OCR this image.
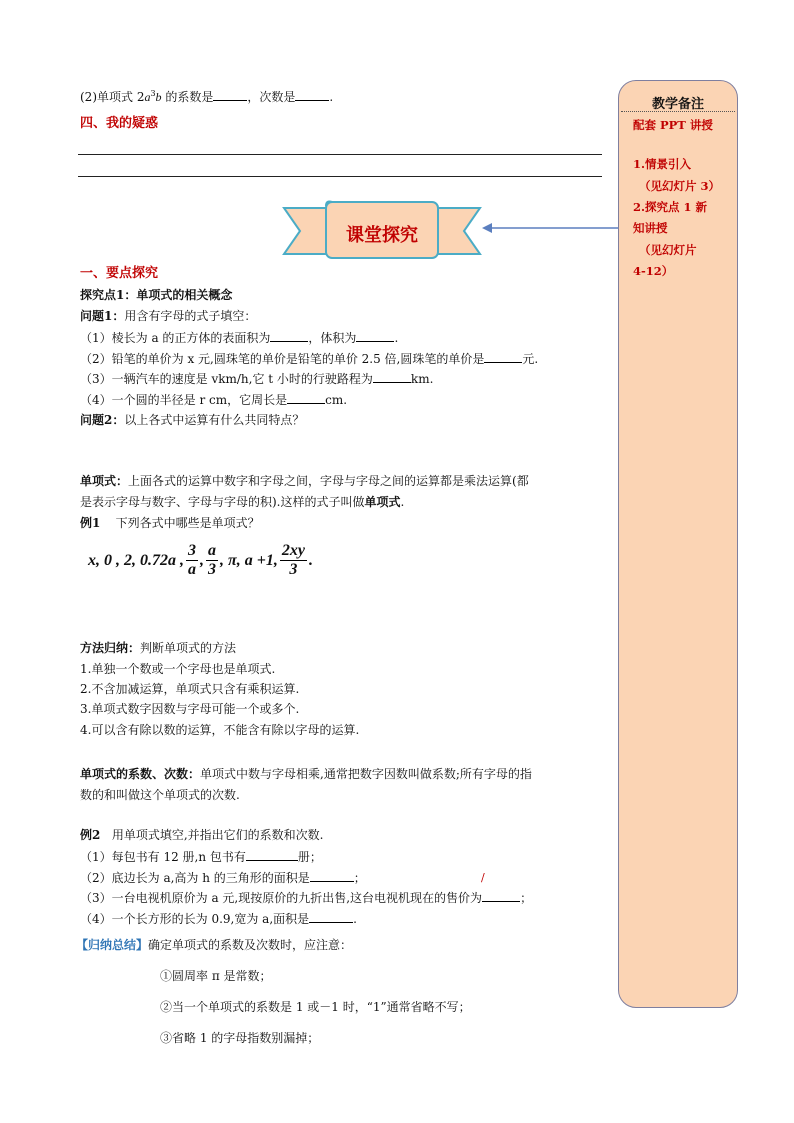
(2)单项式 $2a^3b$ 的系数是	，次数是	.
四、我的疑惑
课堂探究
教学备注
配套 PPT 讲授
1.情景引入
（见幻灯片 3）
2.探究点 1 新
知讲授
（见幻灯片
4-12）
一、要点探究
探究点1：单项式的相关概念
问题1：用含有字母的式子填空：
（1）棱长为 a 的正方体的表面积为	，体积为	.
（2）铅笔的单价为 x 元,圆珠笔的单价是铅笔的单价 2.5 倍,圆珠笔的单价是	元.
（3）一辆汽车的速度是 vkm/h,它 t 小时的行驶路程为	km.
（4）一个圆的半径是 r cm，它周长是	cm.
问题2：以上各式中运算有什么共同特点？
单项式：上面各式的运算中数字和字母之间，字母与字母之间的运算都是乘法运算(都
是表示字母与数字、字母与字母的积).这样的式子叫做单项式.
例1 下列各式中哪些是单项式？
x, 0 , 2, 0.72a , $\frac{3}{a}$ , $\frac{a}{3}$ , π, a +1, $\frac{2xy}{3}$ .
方法归纳：判断单项式的方法
1.单独一个数或一个字母也是单项式.
2.不含加减运算，单项式只含有乘积运算.
3.单项式数字因数与字母可能一个或多个.
4.可以含有除以数的运算，不能含有除以字母的运算.
单项式的系数、次数：单项式中数与字母相乘,通常把数字因数叫做系数;所有字母的指
数的和叫做这个单项式的次数.
例2 用单项式填空,并指出它们的系数和次数.
（1）每包书有 12 册,n 包书有	册；
（2）底边长为 a,高为 h 的三角形的面积是	；	/
（3）一台电视机原价为 a 元,现按原价的九折出售,这台电视机现在的售价为	；
（4）一个长方形的长为 0.9,宽为 a,面积是	.
【归纳总结】确定单项式的系数及次数时，应注意：
①圆周率 π 是常数；
②当一个单项式的系数是 1 或－1 时，“1”通常省略不写；
③省略 1 的字母指数别漏掉；
